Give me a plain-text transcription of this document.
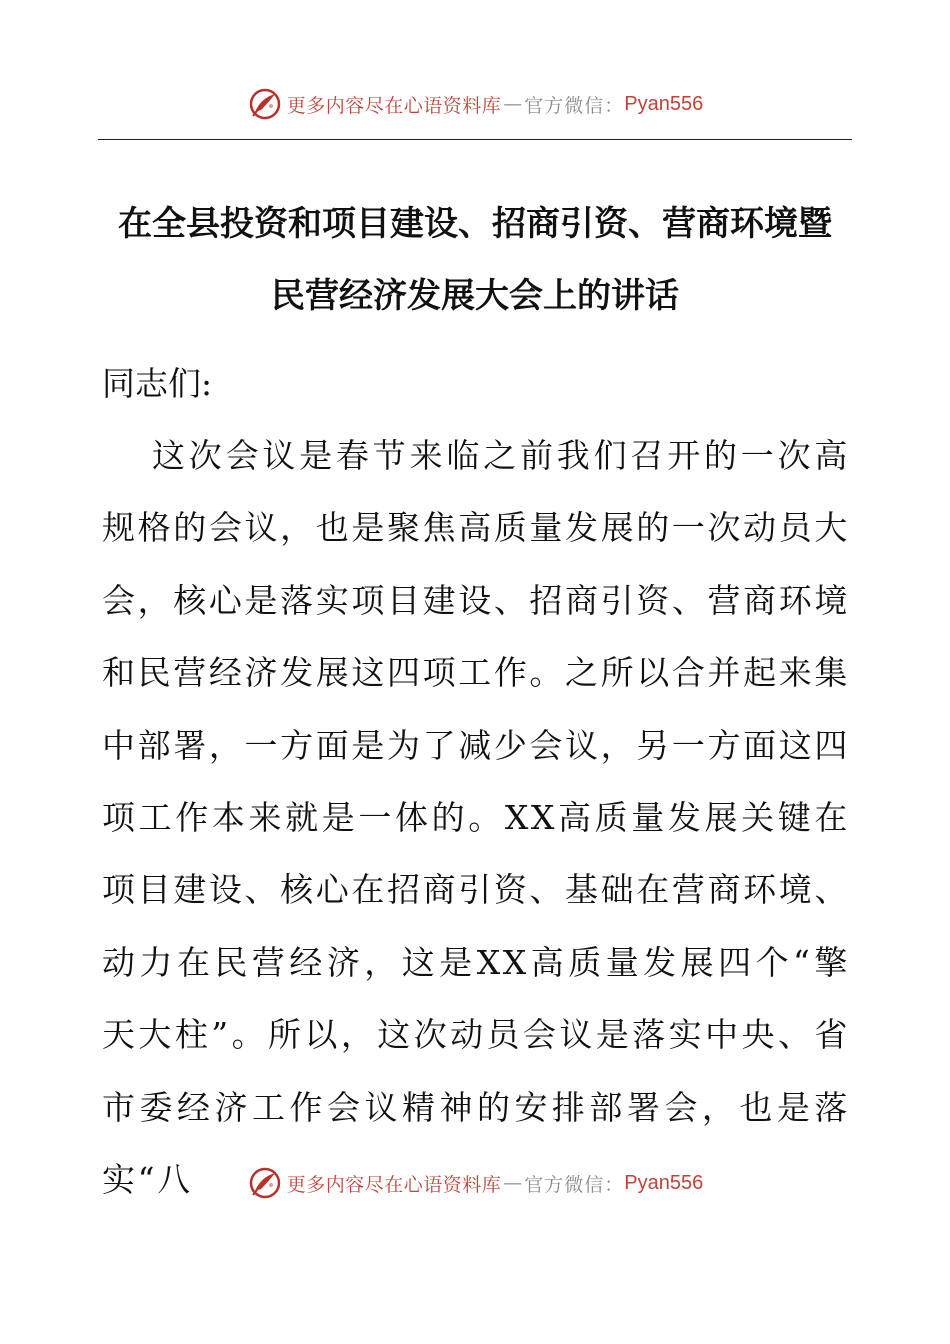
更多内容尽在心语资料库 — 官方微信： Pyan556
在全县投资和项目建设、招商引资、营商环境暨
民营经济发展大会上的讲话

同志们:

这次会议是春节来临之前我们召开的一次高规格的会议，也是聚焦高质量发展的一次动员大会，核心是落实项目建设、招商引资、营商环境和民营经济发展这四项工作。之所以合并起来集中部署，一方面是为了减少会议，另一方面这四项工作本来就是一体的。XX高质量发展关键在项目建设、核心在招商引资、基础在营商环境、动力在民营经济，这是XX高质量发展四个“擎天大柱”。所以，这次动员会议是落实中央、省市委经济工作会议精神的安排部署会，也是落实“八	更多内容尽在心语资料库 — 官方微信： Pyan556
